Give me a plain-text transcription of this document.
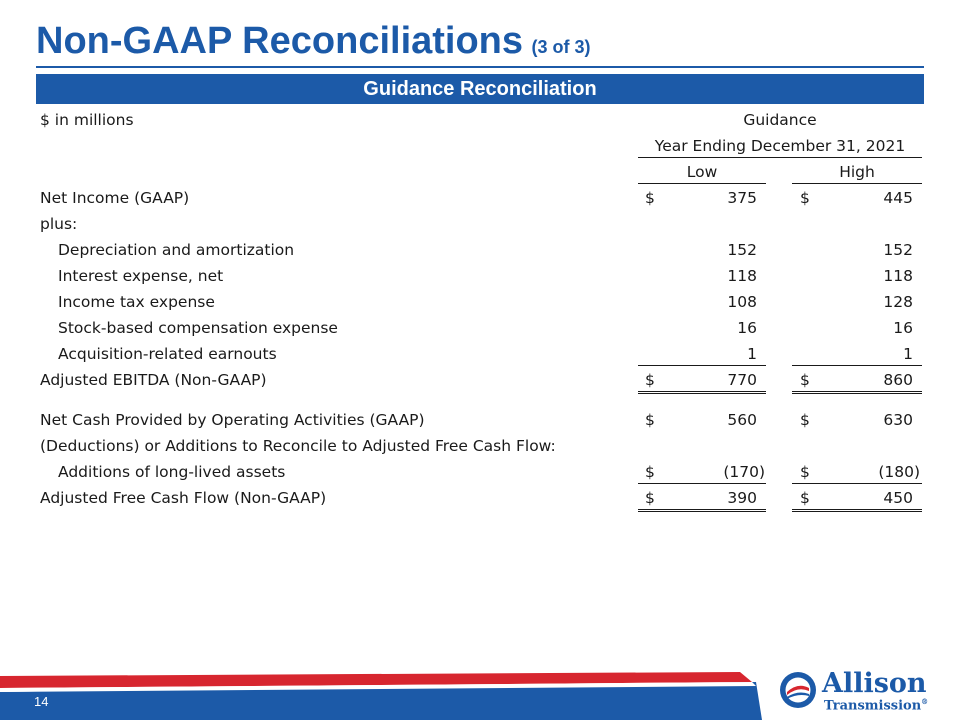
Non-GAAP Reconciliations (3 of 3)
Guidance Reconciliation
$ in millions	Guidance
Year Ending December 31, 2021
Low	High
Net Income (GAAP)	$	375	$	445
plus:
Depreciation and amortization	152	152
Interest expense, net	118	118
Income tax expense	108	128
Stock-based compensation expense	16	16
Acquisition-related earnouts	1	1
Adjusted EBITDA (Non-GAAP)	$	770	$	860
Net Cash Provided by Operating Activities (GAAP)	$	560	$	630
(Deductions) or Additions to Reconcile to Adjusted Free Cash Flow:
Additions of long-lived assets	$	(170) $	(180)
Adjusted Free Cash Flow (Non-GAAP)	$	390	$	450
14
Allison
Transmission®
